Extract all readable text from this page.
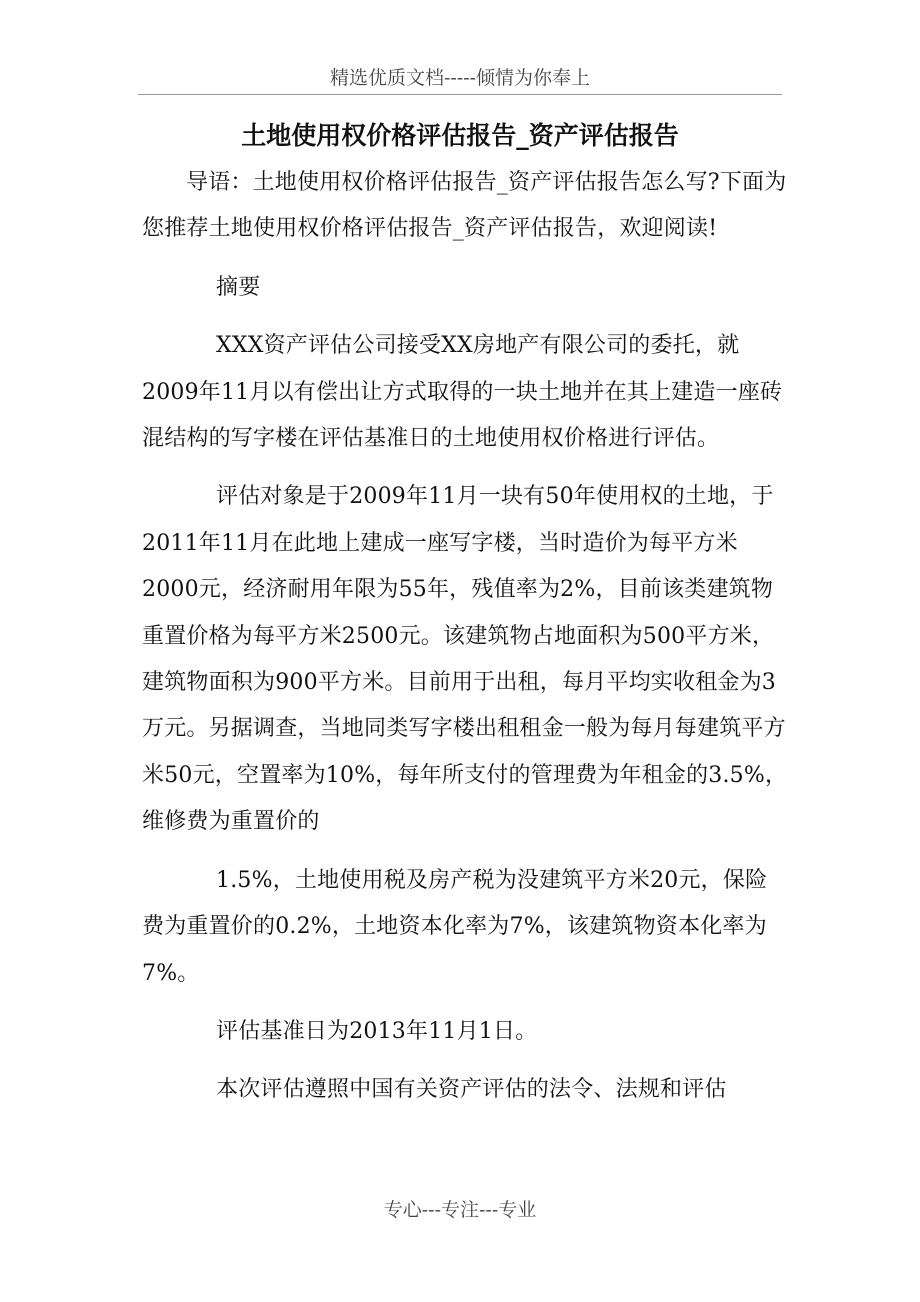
精选优质文档-----倾情为你奉上
土地使用权价格评估报告_资产评估报告

导语：土地使用权价格评估报告_资产评估报告怎么写?下面为您推荐土地使用权价格评估报告_资产评估报告，欢迎阅读!

摘要

XXX资产评估公司接受XX房地产有限公司的委托，就2009年11月以有偿出让方式取得的一块土地并在其上建造一座砖混结构的写字楼在评估基准日的土地使用权价格进行评估。

评估对象是于2009年11月一块有50年使用权的土地，于2011年11月在此地上建成一座写字楼，当时造价为每平方米2000元，经济耐用年限为55年，残值率为2%，目前该类建筑物重置价格为每平方米2500元。该建筑物占地面积为500平方米，建筑物面积为900平方米。目前用于出租，每月平均实收租金为3万元。另据调查，当地同类写字楼出租租金一般为每月每建筑平方米50元，空置率为10%，每年所支付的管理费为年租金的3.5%，维修费为重置价的

1.5%，土地使用税及房产税为没建筑平方米20元，保险费为重置价的0.2%，土地资本化率为7%，该建筑物资本化率为7%。

评估基准日为2013年11月1日。

本次评估遵照中国有关资产评估的法令、法规和评估

专心---专注---专业
